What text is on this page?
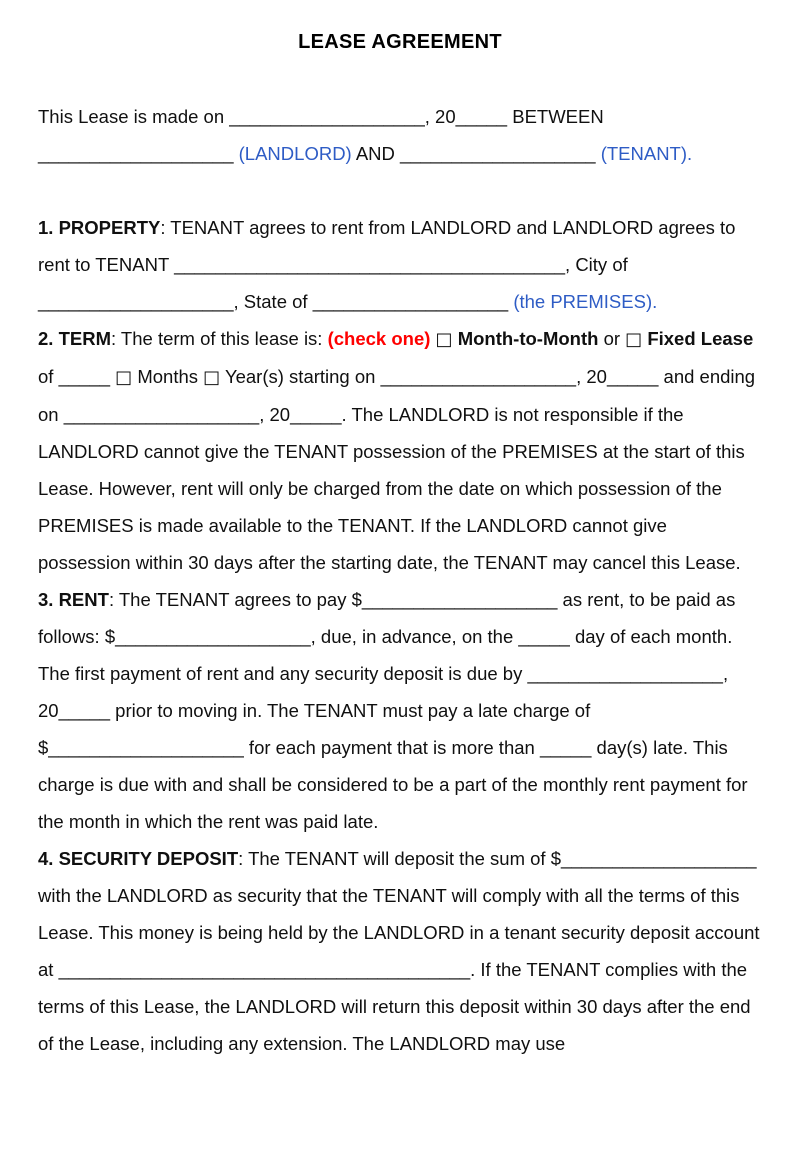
LEASE AGREEMENT

This Lease is made on ___________________, 20_____ BETWEEN ___________________ (LANDLORD) AND ___________________ (TENANT).

1. PROPERTY: TENANT agrees to rent from LANDLORD and LANDLORD agrees to rent to TENANT ______________________________________, City of ___________________, State of ___________________ (the PREMISES).

2. TERM: The term of this lease is: (check one) □ Month-to-Month or □ Fixed Lease of _____ □ Months □ Year(s) starting on ___________________, 20_____ and ending on ___________________, 20_____. The LANDLORD is not responsible if the LANDLORD cannot give the TENANT possession of the PREMISES at the start of this Lease. However, rent will only be charged from the date on which possession of the PREMISES is made available to the TENANT. If the LANDLORD cannot give possession within 30 days after the starting date, the TENANT may cancel this Lease.

3. RENT: The TENANT agrees to pay $___________________ as rent, to be paid as follows: $___________________, due, in advance, on the _____ day of each month. The first payment of rent and any security deposit is due by ___________________, 20_____ prior to moving in. The TENANT must pay a late charge of $___________________ for each payment that is more than _____ day(s) late. This charge is due with and shall be considered to be a part of the monthly rent payment for the month in which the rent was paid late.

4. SECURITY DEPOSIT: The TENANT will deposit the sum of $___________________ with the LANDLORD as security that the TENANT will comply with all the terms of this Lease. This money is being held by the LANDLORD in a tenant security deposit account at ________________________________________. If the TENANT complies with the terms of this Lease, the LANDLORD will return this deposit within 30 days after the end of the Lease, including any extension. The LANDLORD may use
